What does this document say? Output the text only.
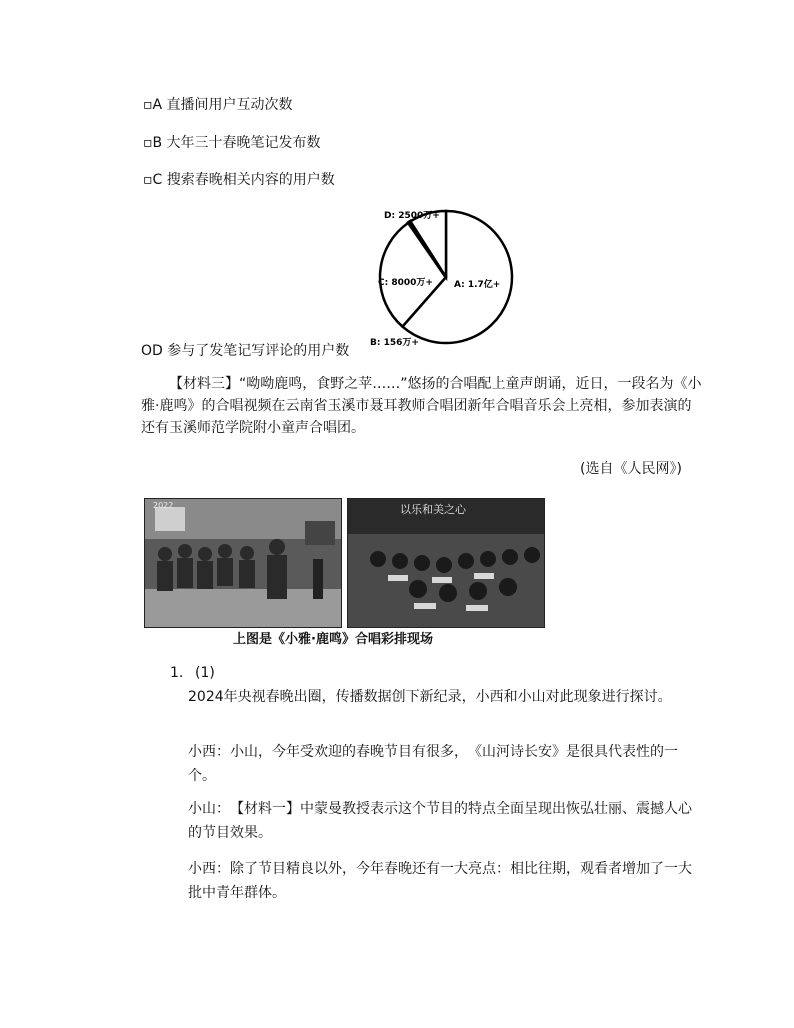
▫A 直播间用户互动次数
▫B 大年三十春晚笔记发布数
▫C 搜索春晚相关内容的用户数
A: 1.7亿+
C: 8000万+
B: 156万+
D: 2500万+
OD 参与了发笔记写评论的用户数
【材料三】“呦呦鹿鸣，食野之苹……”悠扬的合唱配上童声朗诵，近日，一段名为《小雅·鹿鸣》的合唱视频在云南省玉溪市聂耳教师合唱团新年合唱音乐会上亮相，参加表演的还有玉溪师范学院附小童声合唱团。
(选自《人民网》)
2022	以乐和美之心
上图是《小雅·鹿鸣》合唱彩排现场
1. (1)
2024年央视春晚出圈，传播数据创下新纪录，小西和小山对此现象进行探讨。
小西：小山，今年受欢迎的春晚节目有很多，　《山河诗长安》是很具代表性的一个。
小山：　【材料一】中蒙曼教授表示这个节目的特点全面呈现出恢弘壮丽、震撼人心的节目效果。
小西：除了节目精良以外，今年春晚还有一大亮点：相比往期，观看者增加了一大批中青年群体。
